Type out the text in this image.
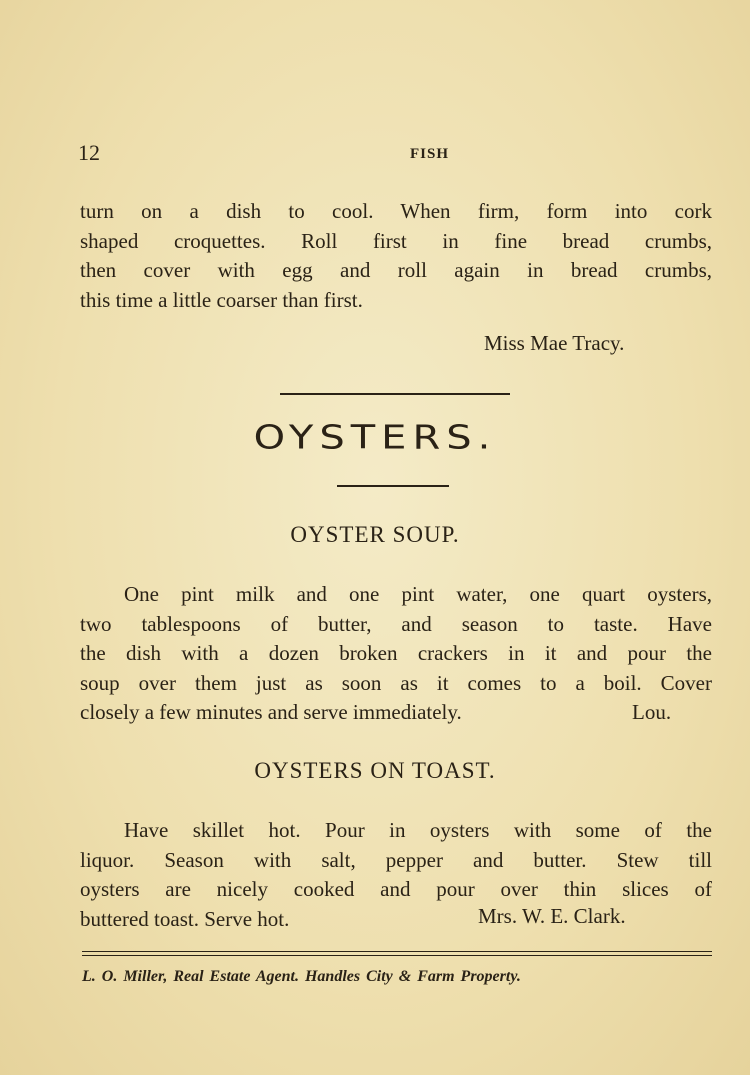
12	FISH
turn on a dish to cool. When firm, form into cork
shaped croquettes. Roll first in fine bread crumbs,
then cover with egg and roll again in bread crumbs,
this time a little coarser than first.
Miss Mae Tracy.
OYSTERS.
OYSTER SOUP.
One pint milk and one pint water, one quart oysters,
two tablespoons of butter, and season to taste. Have
the dish with a dozen broken crackers in it and pour the
soup over them just as soon as it comes to a boil. Cover
closely a few minutes and serve immediately.	Lou.
OYSTERS ON TOAST.
Have skillet hot. Pour in oysters with some of the
liquor. Season with salt, pepper and butter. Stew till
oysters are nicely cooked and pour over thin slices of
buttered toast. Serve hot.	Mrs. W. E. Clark.
L. O. Miller, Real Estate Agent. Handles City & Farm Property.
